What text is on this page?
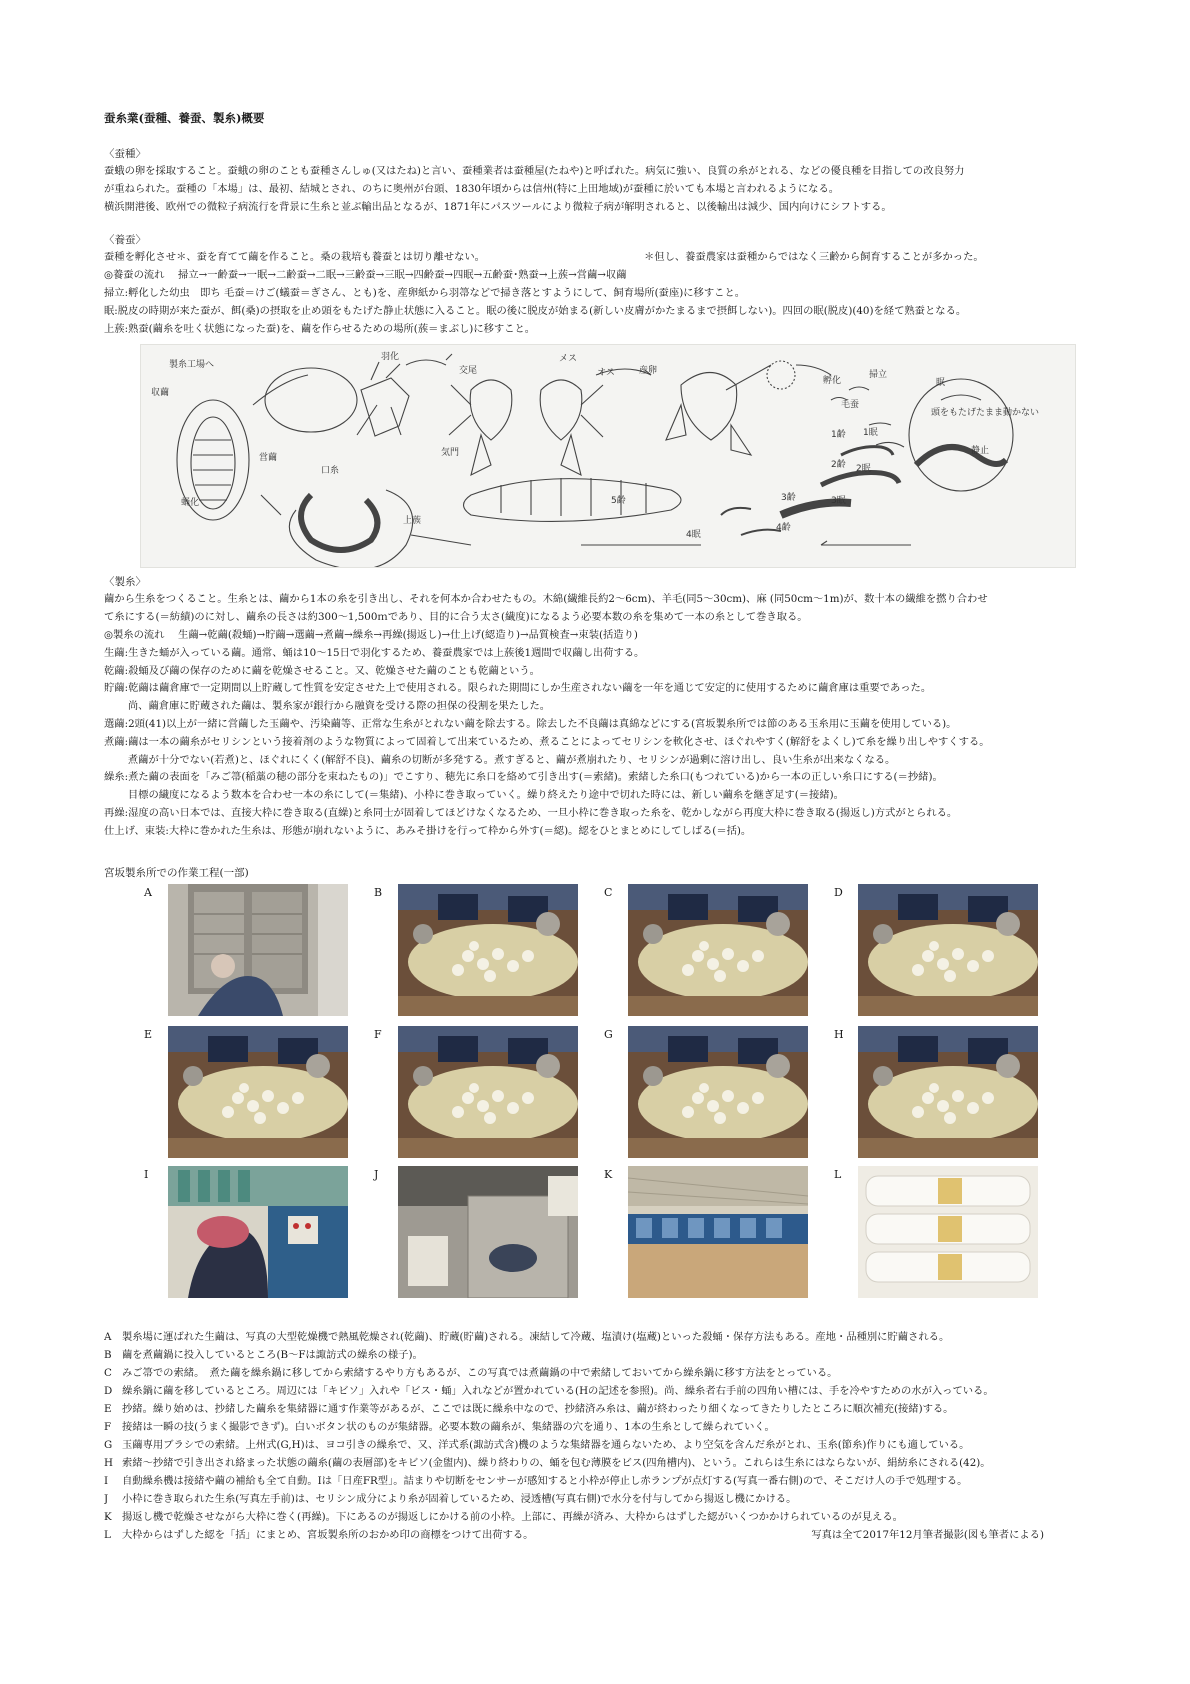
蚕糸業(蚕種、養蚕、製糸)概要
〈蚕種〉
蚕蛾の卵を採取すること。蚕蛾の卵のことも蚕種さんしゅ(又はたね)と言い、蚕種業者は蚕種屋(たねや)と呼ばれた。病気に強い、良質の糸がとれる、などの優良種を目指しての改良努力
が重ねられた。蚕種の「本場」は、最初、結城とされ、のちに奥州が台頭、1830年頃からは信州(特に上田地域)が蚕種に於いても本場と言われるようになる。
横浜開港後、欧州での微粒子病流行を背景に生糸と並ぶ輸出品となるが、1871年にパスツールにより微粒子病が解明されると、以後輸出は減少、国内向けにシフトする。
〈養蚕〉
蚕種を孵化させ＊、蚕を育てて繭を作ること。桑の栽培も養蚕とは切り離せない。	＊但し、養蚕農家は蚕種からではなく三齢から飼育することが多かった。
◎養蚕の流れ　 掃立→一齢蚕→一眠→二齢蚕→二眠→三齢蚕→三眠→四齢蚕→四眠→五齢蚕･熟蚕→上蔟→営繭→収繭
掃立:孵化した幼虫　即ち 毛蚕＝けご(蟻蚕＝ぎさん、とも)を、産卵紙から羽箒などで掃き落とすようにして、飼育場所(蚕座)に移すこと。
眠:脱皮の時期が来た蚕が、餌(桑)の摂取を止め頭をもたげた静止状態に入ること。眠の後に脱皮が始まる(新しい皮膚がかたまるまで摂餌しない)。四回の眠(脱皮)(40)を経て熟蚕となる。
上蔟:熟蚕(繭糸を吐く状態になった蚕)を、繭を作らせるための場所(蔟＝まぶし)に移すこと。
製糸工場へ
収繭
羽化
交尾
メス
オス	産卵
孵化
掃立
毛蚕
1齢 1眠
2齢 2眠
3齢	3眠
4齢
4眠
5齢
眠
頭をもたげたまま動かない
上蔟
営繭
蛹化
気門
口糸
静止
〈製糸〉
繭から生糸をつくること。生糸とは、繭から1本の糸を引き出し、それを何本か合わせたもの。木綿(繊維長約2～6cm)、羊毛(同5～30cm)、麻 (同50cm～1m)が、数十本の繊維を撚り合わせ
て糸にする(＝紡績)のに対し、繭糸の長さは約300～1,500ｍであり、目的に合う太さ(繊度)になるよう必要本数の糸を集めて一本の糸として巻き取る。
◎製糸の流れ　 生繭→乾繭(殺蛹)→貯繭→選繭→煮繭→繰糸→再繰(揚返し)→仕上げ(綛造り)→品質検査→束装(括造り)
生繭:生きた蛹が入っている繭。通常、蛹は10～15日で羽化するため、養蚕農家では上蔟後1週間で収繭し出荷する。
乾繭:殺蛹及び繭の保存のために繭を乾燥させること。又、乾燥させた繭のことも乾繭という。
貯繭:乾繭は繭倉庫で一定期間以上貯蔵して性質を安定させた上で使用される。限られた期間にしか生産されない繭を一年を通じて安定的に使用するために繭倉庫は重要であった。
　　 尚、繭倉庫に貯蔵された繭は、製糸家が銀行から融資を受ける際の担保の役割を果たした。
選繭:2頭(41)以上が一緒に営繭した玉繭や、汚染繭等、正常な生糸がとれない繭を除去する。除去した不良繭は真綿などにする(宮坂製糸所では節のある玉糸用に玉繭を使用している)。
煮繭:繭は一本の繭糸がセリシンという接着剤のような物質によって固着して出来ているため、煮ることによってセリシンを軟化させ、ほぐれやすく(解舒をよくし)て糸を繰り出しやすくする。
　　 煮繭が十分でない(若煮)と、ほぐれにくく(解舒不良)、繭糸の切断が多発する。煮すぎると、繭が煮崩れたり、セリシンが過剰に溶け出し、良い生糸が出来なくなる。
繰糸:煮た繭の表面を「みご箒(稲藁の穂の部分を束ねたもの)」でこすり、穂先に糸口を絡めて引き出す(＝索緒)。索緒した糸口(もつれている)から一本の正しい糸口にする(＝抄緒)。
　　 目標の繊度になるよう数本を合わせ一本の糸にして(＝集緒)、小枠に巻き取っていく。繰り終えたり途中で切れた時には、新しい繭糸を継ぎ足す(＝接緒)。
再繰:湿度の高い日本では、直接大枠に巻き取る(直繰)と糸同士が固着してほどけなくなるため、一旦小枠に巻き取った糸を、乾かしながら再度大枠に巻き取る(揚返し)方式がとられる。
仕上げ、束装:大枠に巻かれた生糸は、形態が崩れないように、あみそ掛けを行って枠から外す(＝綛)。綛をひとまとめにしてしばる(＝括)。
宮坂製糸所での作業工程(一部)
A	B	C	D
E	F	G	H
I	J	K	L
A 製糸場に運ばれた生繭は、写真の大型乾燥機で熱風乾燥され(乾繭)、貯蔵(貯繭)される。凍結して冷蔵、塩漬け(塩蔵)といった殺蛹・保存方法もある。産地・品種別に貯繭される。
B 繭を煮繭鍋に投入しているところ(B～Fは諏訪式の繰糸の様子)。
C みご箒での索緒。　煮た繭を繰糸鍋に移してから索緒するやり方もあるが、この写真では煮繭鍋の中で索緒しておいてから繰糸鍋に移す方法をとっている。
D 繰糸鍋に繭を移しているところ。周辺には「キビソ」入れや「ビス・蛹」入れなどが置かれている(Hの記述を参照)。尚、繰糸者右手前の四角い槽には、手を冷やすための水が入っている。
E 抄緒。繰り始めは、抄緒した繭糸を集緒器に通す作業等があるが、ここでは既に繰糸中なので、抄緒済み糸は、繭が終わったり細くなってきたりしたところに順次補充(接緒)する。
F 接緒は一瞬の技(うまく撮影できず)。白いボタン状のものが集緒器。必要本数の繭糸が、集緒器の穴を通り、1本の生糸として繰られていく。
G 玉繭専用ブラシでの索緒。上州式(G,H)は、ヨコ引きの繰糸で、又、洋式系(諏訪式含)機のような集緒器を通らないため、より空気を含んだ糸がとれ、玉糸(節糸)作りにも適している。
H 索緒～抄緒で引き出され絡まった状態の繭糸(繭の表層部)をキビソ(金盥内)、繰り終わりの、蛹を包む薄膜をビス(四角槽内)、という。これらは生糸にはならないが、絹紡糸にされる(42)。
I 自動繰糸機は接緒や繭の補給も全て自動。Iは「日産FR型」。詰まりや切断をセンサーが感知すると小枠が停止し赤ランプが点灯する(写真一番右側)ので、そこだけ人の手で処理する。
J 小枠に巻き取られた生糸(写真左手前)は、セリシン成分により糸が固着しているため、浸透槽(写真右側)で水分を付与してから揚返し機にかける。
K 揚返し機で乾燥させながら大枠に巻く(再繰)。下にあるのが揚返しにかける前の小枠。上部に、再繰が済み、大枠からはずした綛がいくつかかけられているのが見える。
L 大枠からはずした綛を「括」にまとめ、宮坂製糸所のおかめ印の商標をつけて出荷する。	写真は全て2017年12月筆者撮影(図も筆者による)
